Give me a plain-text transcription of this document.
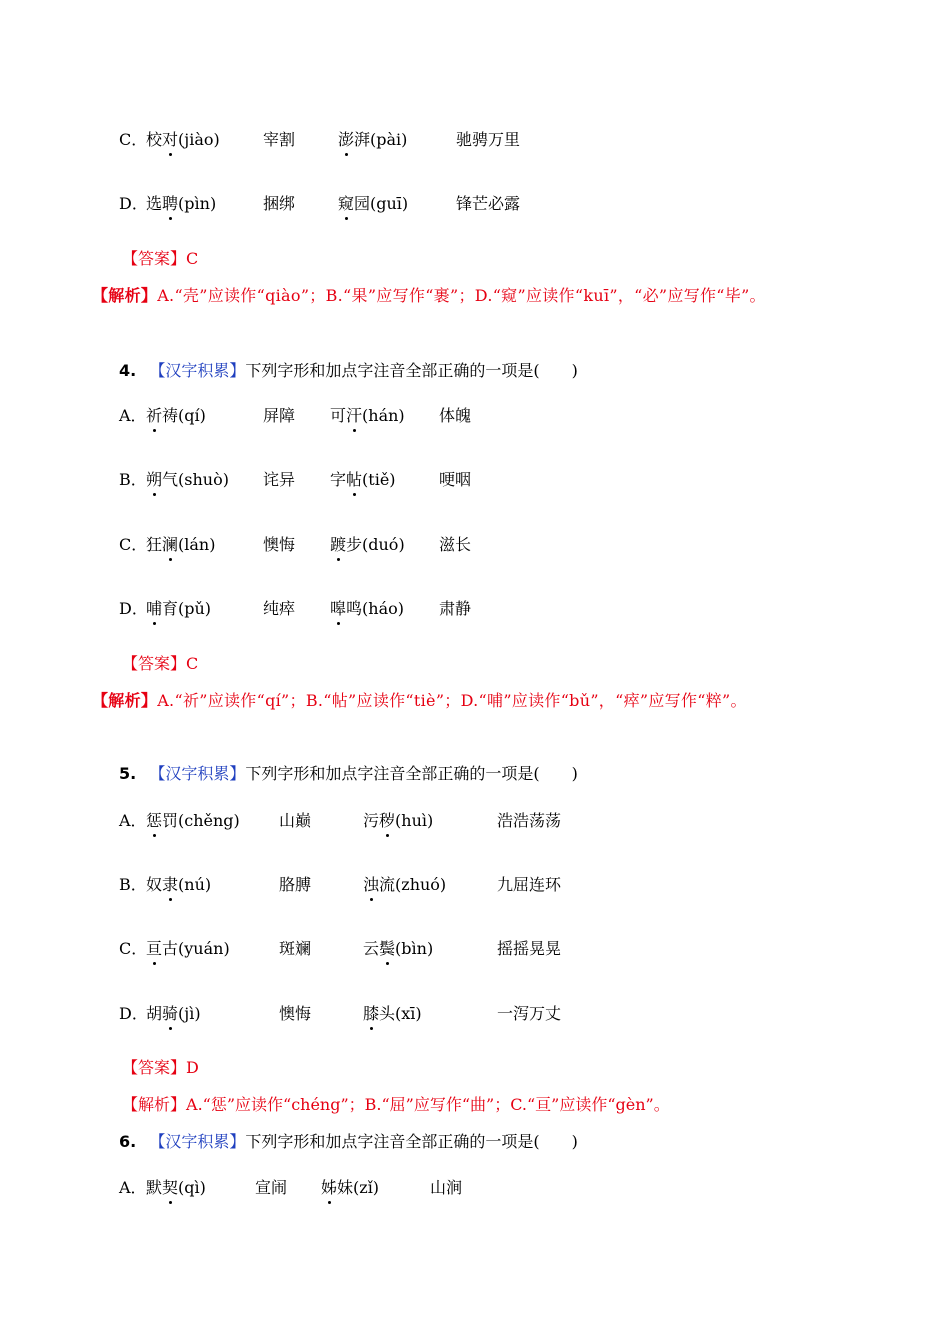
C．
校对(jiào)	宰割	澎湃(pài)	驰骋万里
D．
选聘(pìn)	捆绑	窥园(guī)	锋芒必露
【答案】C
【解析】A.“壳”应读作“qiào”；B.“果”应写作“裹”；D.“窥”应读作“kuī”，“必”应写作“毕”。
4. 【汉字积累】下列字形和加点字注音全部正确的一项是(　　)
A． 祈祷(qí)	屏障 可汗(hán) 体魄
B． 朔气(shuò) 诧异 字帖(tiě)	哽咽
C．
狂澜(lán)	懊悔 踱步(duó) 滋长
D．
哺育(pǔ)	纯瘁 嗥鸣(háo) 肃静
【答案】C
【解析】A.“祈”应读作“qí”；B.“帖”应读作“tiè”；D.“哺”应读作“bǔ”，“瘁”应写作“粹”。
5. 【汉字积累】下列字形和加点字注音全部正确的一项是(　　)
A． 惩罚(chěng) 山巅	污秽(huì)	浩浩荡荡
B． 奴隶(nú)	胳膊	浊流(zhuó)	九屈连环
C．
亘古(yuán)	斑斓	云鬓(bìn)	摇摇晃晃
D．
胡骑(jì)	懊悔	膝头(xī)	一泻万丈
【答案】D
【解析】A.“惩”应读作“chéng”；B.“屈”应写作“曲”；C.“亘”应读作“gèn”。
6. 【汉字积累】下列字形和加点字注音全部正确的一项是(　　)
A． 默契(qì)	宣闹 姊妹(zǐ)	山涧
